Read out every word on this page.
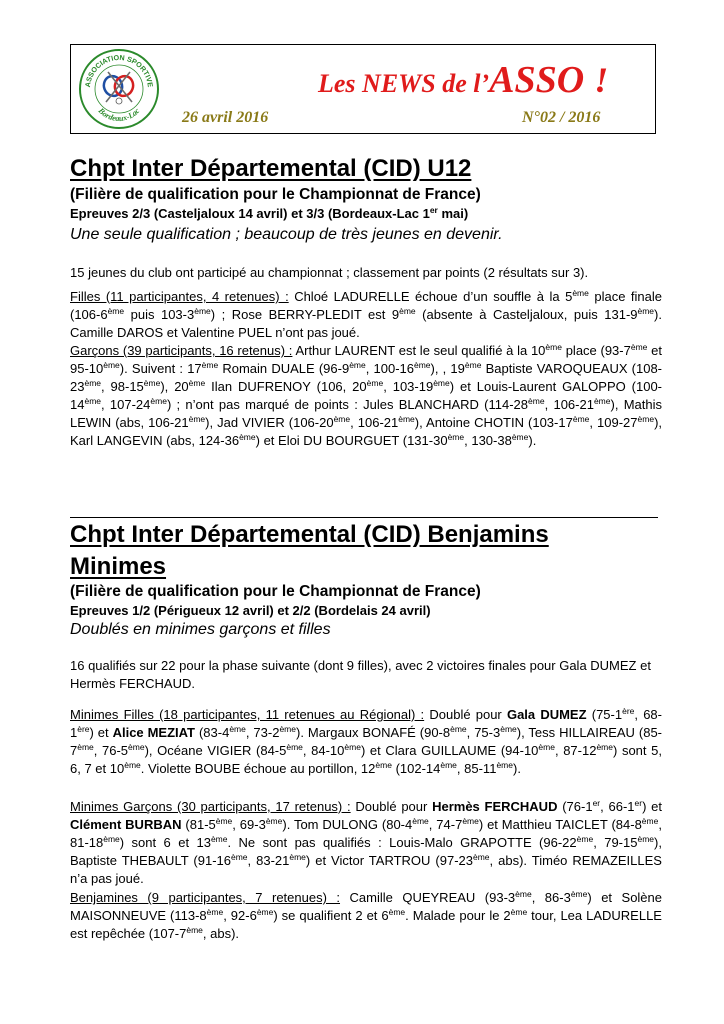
ASSOCIATION SPORTIVE
Bordeaux-Lac
Les NEWS de l’ASSO !
26 avril 2016	N°02 / 2016
Chpt Inter Départemental (CID) U12
(Filière de qualification pour le Championnat de France)
Epreuves 2/3 (Casteljaloux 14 avril) et 3/3 (Bordeaux-Lac 1er mai)
Une seule qualification ; beaucoup de très jeunes en devenir.
15 jeunes du club ont participé au championnat ; classement par points (2 résultats sur 3).
Filles (11 participantes, 4 retenues) : Chloé LADURELLE échoue d’un souffle à la 5ème place finale (106-6ème puis 103-3ème) ; Rose BERRY-PLEDIT est 9ème (absente à Casteljaloux, puis 131-9ème). Camille DAROS et Valentine PUEL n’ont pas joué.
Garçons (39 participants, 16 retenus) : Arthur LAURENT est le seul qualifié à la 10ème place (93-7ème et 95-10ème). Suivent : 17ème Romain DUALE (96-9ème, 100-16ème), , 19ème Baptiste VAROQUEAUX (108-23ème, 98-15ème), 20ème Ilan DUFRENOY (106, 20ème, 103-19ème) et Louis-Laurent GALOPPO (100-14ème, 107-24ème) ; n’ont pas marqué de points : Jules BLANCHARD (114-28ème, 106-21ème), Mathis LEWIN (abs, 106-21ème), Jad VIVIER (106-20ème, 106-21ème), Antoine CHOTIN (103-17ème, 109-27ème), Karl LANGEVIN (abs, 124-36ème) et Eloi DU BOURGUET (131-30ème, 130-38ème).
Chpt Inter Départemental (CID) Benjamins
Minimes
(Filière de qualification pour le Championnat de France)
Epreuves 1/2 (Périgueux 12 avril) et 2/2 (Bordelais 24 avril)
Doublés en minimes garçons et filles
16 qualifiés sur 22 pour la phase suivante (dont 9 filles), avec 2 victoires finales pour Gala DUMEZ et Hermès FERCHAUD.
Minimes Filles (18 participantes, 11 retenues au Régional) : Doublé pour Gala DUMEZ (75-1ère, 68-1ère) et Alice MEZIAT (83-4ème, 73-2ème). Margaux BONAFÉ (90-8ème, 75-3ème), Tess HILLAIREAU (85-7ème, 76-5ème), Océane VIGIER (84-5ème, 84-10ème) et Clara GUILLAUME (94-10ème, 87-12ème) sont 5, 6, 7 et 10ème. Violette BOUBE échoue au portillon, 12ème (102-14ème, 85-11ème).
Minimes Garçons (30 participants, 17 retenus) : Doublé pour Hermès FERCHAUD (76-1er, 66-1er) et Clément BURBAN (81-5ème, 69-3ème). Tom DULONG (80-4ème, 74-7ème) et Matthieu TAICLET (84-8ème, 81-18ème) sont 6 et 13ème. Ne sont pas qualifiés : Louis-Malo GRAPOTTE (96-22ème, 79-15ème), Baptiste THEBAULT (91-16ème, 83-21ème) et Victor TARTROU (97-23ème, abs). Timéo REMAZEILLES n’a pas joué.
Benjamines (9 participantes, 7 retenues) : Camille QUEYREAU (93-3ème, 86-3ème) et Solène MAISONNEUVE (113-8ème, 92-6ème) se qualifient 2 et 6ème. Malade pour le 2ème tour, Lea LADURELLE est repêchée (107-7ème, abs).
